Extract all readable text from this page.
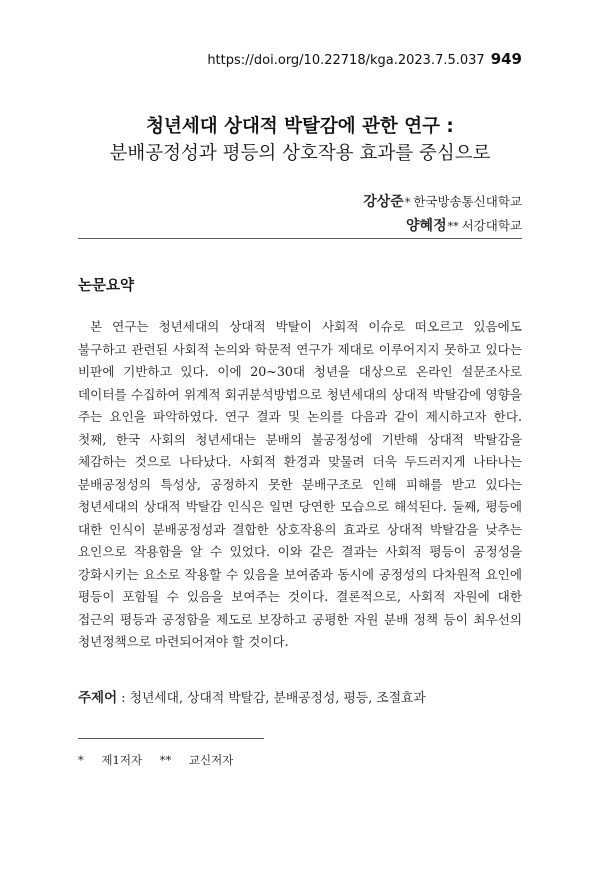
https://doi.org/10.22718/kga.2023.7.5.037 949
청년세대 상대적 박탈감에 관한 연구 :
분배공정성과 평등의 상호작용 효과를 중심으로
강상준* 한국방송통신대학교
양혜정** 서강대학교
논문요약
본 연구는 청년세대의 상대적 박탈이 사회적 이슈로 떠오르고 있음에도 불구하고 관련된 사회적 논의와 학문적 연구가 제대로 이루어지지 못하고 있다는 비판에 기반하고 있다. 이에 20~30대 청년을 대상으로 온라인 설문조사로 데이터를 수집하여 위계적 회귀분석방법으로 청년세대의 상대적 박탈감에 영향을 주는 요인을 파악하였다. 연구 결과 및 논의를 다음과 같이 제시하고자 한다. 첫째, 한국 사회의 청년세대는 분배의 불공정성에 기반해 상대적 박탈감을 체감하는 것으로 나타났다. 사회적 환경과 맞물려 더욱 두드러지게 나타나는 분배공정성의 특성상, 공정하지 못한 분배구조로 인해 피해를 받고 있다는 청년세대의 상대적 박탈감 인식은 일면 당연한 모습으로 해석된다. 둘째, 평등에 대한 인식이 분배공정성과 결합한 상호작용의 효과로 상대적 박탈감을 낮추는 요인으로 작용함을 알 수 있었다. 이와 같은 결과는 사회적 평등이 공정성을 강화시키는 요소로 작용할 수 있음을 보여줌과 동시에 공정성의 다차원적 요인에 평등이 포함될 수 있음을 보여주는 것이다. 결론적으로, 사회적 자원에 대한 접근의 평등과 공정함을 제도로 보장하고 공평한 자원 분배 정책 등이 최우선의 청년정책으로 마련되어져야 할 것이다.
주제어 : 청년세대, 상대적 박탈감, 분배공정성, 평등, 조절효과
* 제1저자 ** 교신저자
